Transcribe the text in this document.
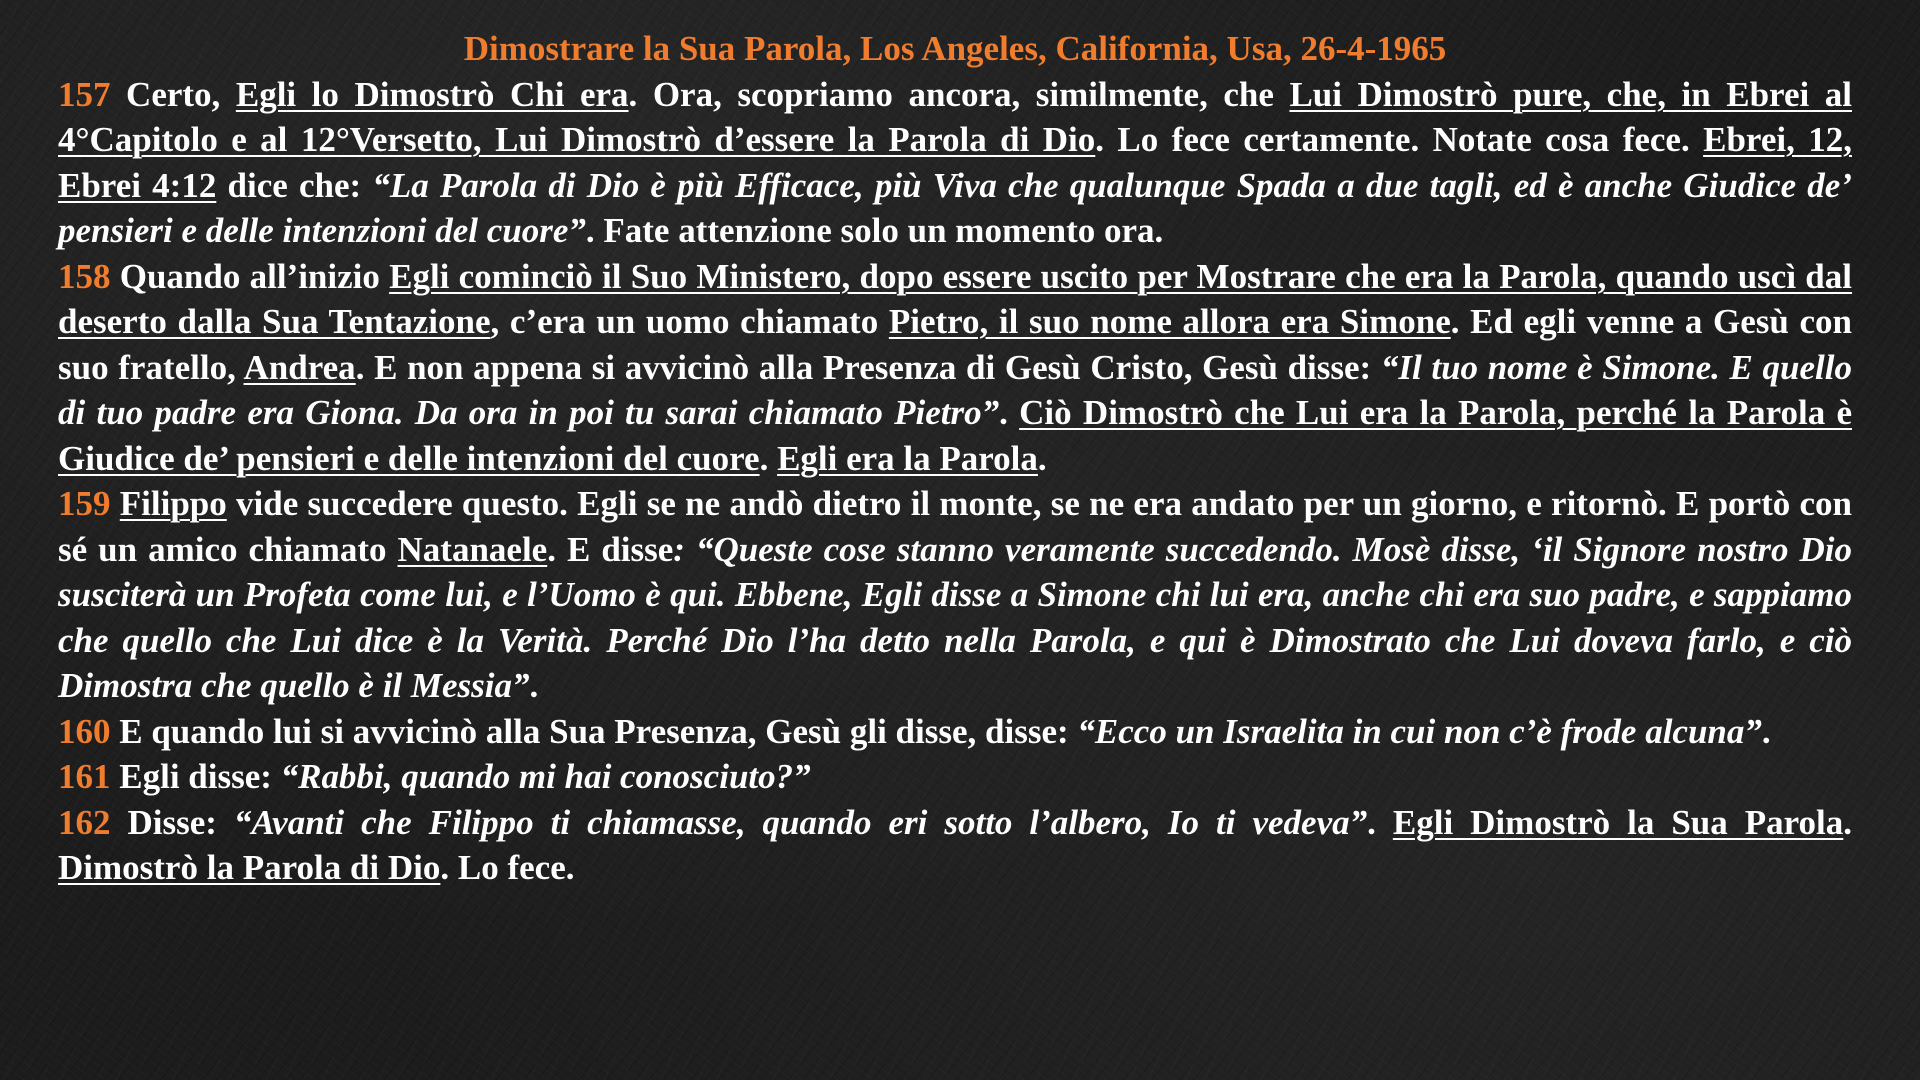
Dimostrare la Sua Parola, Los Angeles, California, Usa, 26-4-1965

157 Certo, Egli lo Dimostrò Chi era. Ora, scopriamo ancora, similmente, che Lui Dimostrò pure, che, in Ebrei al 4°Capitolo e al 12°Versetto, Lui Dimostrò d’essere la Parola di Dio. Lo fece certamente. Notate cosa fece. Ebrei, 12, Ebrei 4:12 dice che: “La Parola di Dio è più Efficace, più Viva che qualunque Spada a due tagli, ed è anche Giudice de’ pensieri e delle intenzioni del cuore”. Fate attenzione solo un momento ora.

158 Quando all’inizio Egli cominciò il Suo Ministero, dopo essere uscito per Mostrare che era la Parola, quando uscì dal deserto dalla Sua Tentazione, c’era un uomo chiamato Pietro, il suo nome allora era Simone. Ed egli venne a Gesù con suo fratello, Andrea. E non appena si avvicinò alla Presenza di Gesù Cristo, Gesù disse: “Il tuo nome è Simone. E quello di tuo padre era Giona. Da ora in poi tu sarai chiamato Pietro”. Ciò Dimostrò che Lui era la Parola, perché la Parola è Giudice de’ pensieri e delle intenzioni del cuore. Egli era la Parola.

159 Filippo vide succedere questo. Egli se ne andò dietro il monte, se ne era andato per un giorno, e ritornò. E portò con sé un amico chiamato Natanaele. E disse: “Queste cose stanno veramente succedendo. Mosè disse, ‘il Signore nostro Dio susciterà un Profeta come lui, e l’Uomo è qui. Ebbene, Egli disse a Simone chi lui era, anche chi era suo padre, e sappiamo che quello che Lui dice è la Verità. Perché Dio l’ha detto nella Parola, e qui è Dimostrato che Lui doveva farlo, e ciò Dimostra che quello è il Messia”.

160 E quando lui si avvicinò alla Sua Presenza, Gesù gli disse, disse: “Ecco un Israelita in cui non c’è frode alcuna”.

161 Egli disse: “Rabbi, quando mi hai conosciuto?”

162 Disse: “Avanti che Filippo ti chiamasse, quando eri sotto l’albero, Io ti vedeva”. Egli Dimostrò la Sua Parola. Dimostrò la Parola di Dio. Lo fece.
